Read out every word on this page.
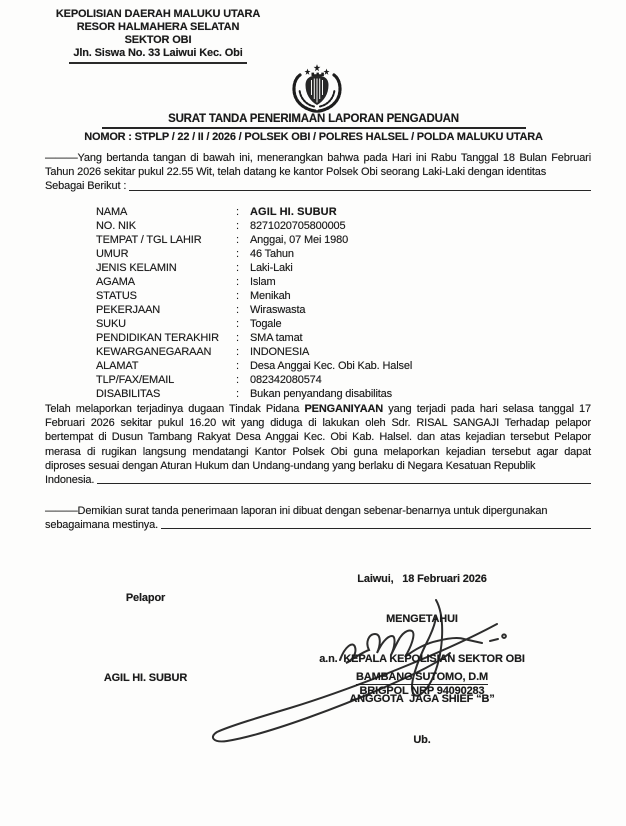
KEPOLISIAN DAERAH MALUKU UTARA
RESOR HALMAHERA SELATAN
SEKTOR OBI
Jln. Siswa No. 33 Laiwui Kec. Obi
SURAT TANDA PENERIMAAN LAPORAN PENGADUAN
NOMOR : STPLP / 22 / II / 2026 / POLSEK OBI / POLRES HALSEL / POLDA MALUKU UTARA

———Yang bertanda tangan di bawah ini, menerangkan bahwa pada Hari ini Rabu Tanggal 18 Bulan Februari Tahun 2026 sekitar pukul 22.55 Wit, telah datang ke kantor Polsek Obi seorang Laki-Laki dengan identitas

Sebagai Berikut :
NAMA	:	AGIL HI. SUBUR
NO. NIK	:	8271020705800005
TEMPAT / TGL LAHIR	:	Anggai, 07 Mei 1980
UMUR	:	46 Tahun
JENIS KELAMIN	:	Laki-Laki
AGAMA	:	Islam
STATUS	:	Menikah
PEKERJAAN	:	Wiraswasta
SUKU	:	Togale
PENDIDIKAN TERAKHIR	:	SMA tamat
KEWARGANEGARAAN	:	INDONESIA
ALAMAT	:	Desa Anggai Kec. Obi Kab. Halsel
TLP/FAX/EMAIL	:	082342080574
DISABILITAS	:	Bukan penyandang disabilitas

Telah melaporkan terjadinya dugaan Tindak Pidana PENGANIYAAN yang terjadi pada hari selasa tanggal 17 Februari 2026 sekitar pukul 16.20 wit yang diduga di lakukan oleh Sdr. RISAL SANGAJI Terhadap pelapor bertempat di Dusun Tambang Rakyat Desa Anggai Kec. Obi Kab. Halsel. dan atas kejadian tersebut Pelapor merasa di rugikan langsung mendatangi Kantor Polsek Obi guna melaporkan kejadian tersebut agar dapat diproses sesuai dengan Aturan Hukum dan Undang-undang yang berlaku di Negara Kesatuan Republik

Indonesia.

———Demikian surat tanda penerimaan laporan ini dibuat dengan sebenar-benarnya untuk dipergunakan

sebagaimana mestinya.
Pelapor
AGIL HI. SUBUR

Laiwui,   18 Februari 2026

MENGETAHUI

a.n.  KEPALA KEPOLISIAN SEKTOR OBI

ANGGOTA  JAGA SHIEF “B”

Ub.

BAMBANG SUTOMO, D.M
BRIGPOL NRP 94090283
